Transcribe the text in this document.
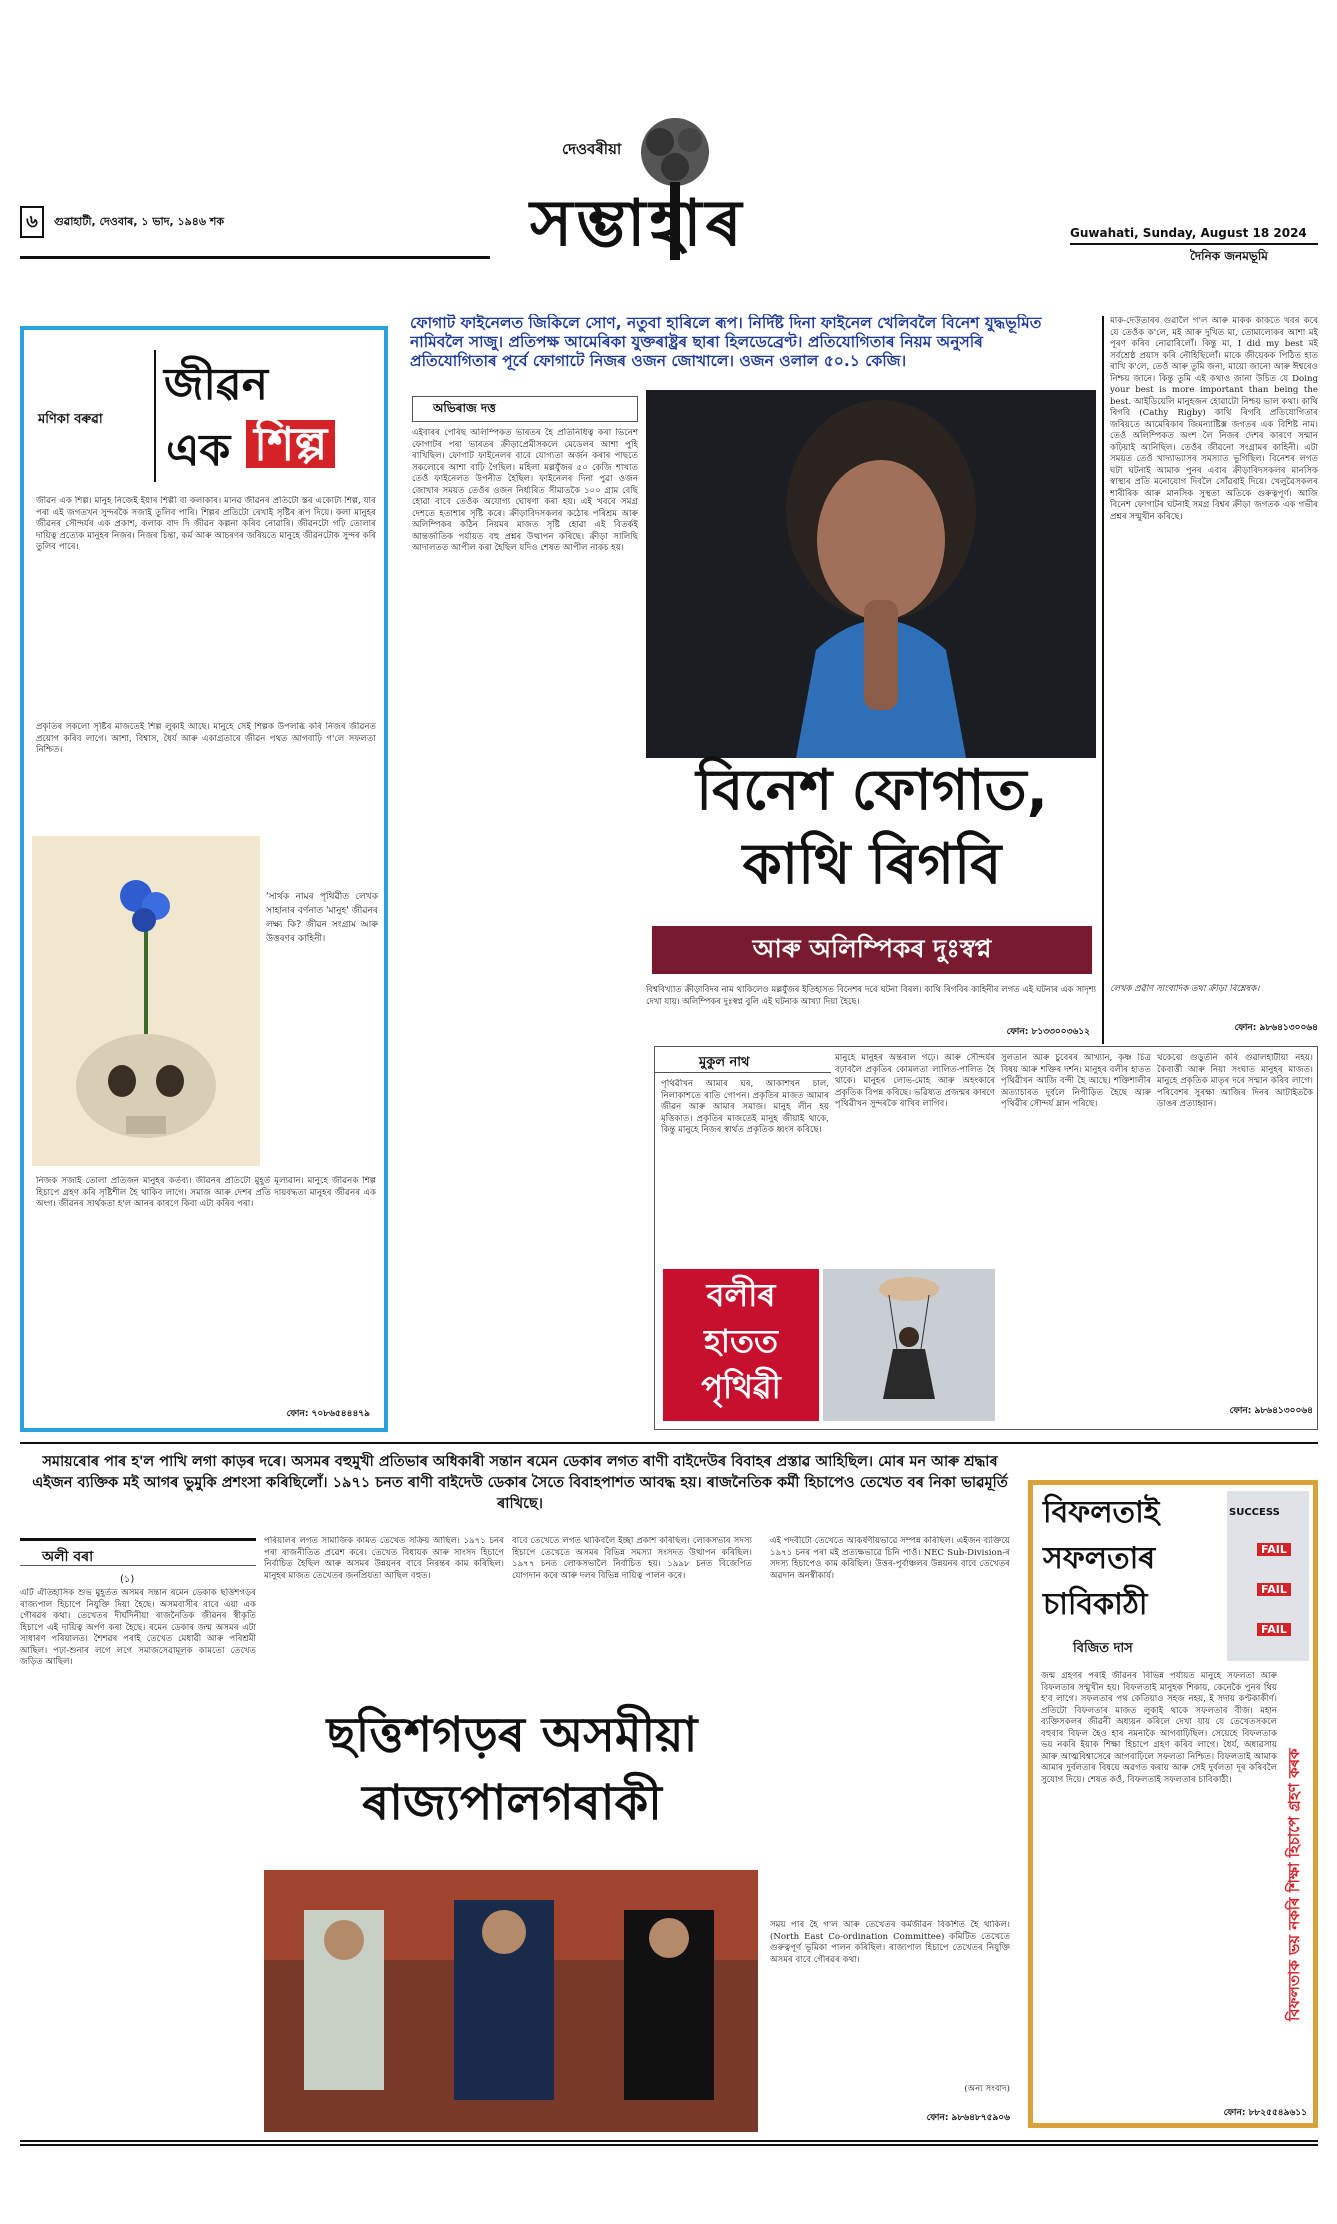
৬	গুৱাহাটী, দেওবাৰ, ১ ভাদ, ১৯৪৬ শক
দেওবৰীয়া
সম্ভাহাৰ	Guwahati, Sunday, August 18 2024
দৈনিক জনমভূমি
জীৱন
এক শিল্প
মণিকা বৰুৱা
জীৱন এক শিল্প। মানুহ নিজেই ইয়াৰ শিল্পী বা কলাকাৰ। মানৱ জীৱনৰ প্ৰতিটো স্তৰ একোটা শিল্প, যাৰ পৰা এই জগতখন সুন্দৰকৈ সজাই তুলিব পাৰি। শিল্পৰ প্ৰতিটো ৰেখাই সৃষ্টিৰ ৰূপ দিয়ে। কলা মানুহৰ জীৱনৰ সৌন্দৰ্যৰ এক প্ৰকাশ, কলাক বাদ দি জীৱন কল্পনা কৰিব নোৱাৰি। জীৱনটো গঢ়ি তোলাৰ দায়িত্ব প্ৰত্যেক মানুহৰ নিজৰ। নিজৰ চিন্তা, কৰ্ম আৰু আচৰণৰ জৰিয়তে মানুহে জীৱনটোক সুন্দৰ কৰি তুলিব পাৰে।
প্ৰকৃতিৰ সকলো সৃষ্টিৰ মাজতেই শিল্প লুকাই আছে। মানুহে সেই শিল্পক উপলব্ধি কৰি নিজৰ জীৱনত প্ৰয়োগ কৰিব লাগে। আশা, বিশ্বাস, ধৈৰ্য আৰু একাগ্ৰতাৰে জীৱন পথত আগবাঢ়ি গ'লে সফলতা নিশ্চিত।
'সাৰ্থক নামৰ পৃথিৱীত লেখক সাহানাৰ বৰ্ণনাত 'মানুহ' জীৱনৰ লক্ষ্য কি? জীৱন সংগ্ৰাম আৰু উত্তৰণৰ কাহিনী।
নিজক সজাই তোলা প্ৰতিজন মানুহৰ কৰ্তব্য। জীৱনৰ প্ৰতিটো মুহূৰ্ত মূল্যৱান। মানুহে জীৱনক শিল্প হিচাপে গ্ৰহণ কৰি সৃষ্টিশীল হৈ থাকিব লাগে। সমাজ আৰু দেশৰ প্ৰতি দায়বদ্ধতা মানুহৰ জীৱনৰ এক অংগ। জীৱনৰ সাৰ্থকতা হ'ল আনৰ কাৰণে কিবা এটা কৰিব পৰা।
ফোন: ৭০৮৬৫৪৪৪৭৯
ফোগাট ফাইনেলত জিকিলে সোণ, নতুবা হাৰিলে ৰূপ। নিৰ্দিষ্ট দিনা ফাইনেল খেলিবলৈ বিনেশ যুদ্ধভূমিত নামিবলৈ সাজু। প্ৰতিপক্ষ আমেৰিকা যুক্তৰাষ্ট্ৰৰ ছাৰা হিলডেব্ৰেণ্ট। প্ৰতিযোগিতাৰ নিয়ম অনুসৰি প্ৰতিযোগিতাৰ পূৰ্বে ফোগাটে নিজৰ ওজন জোখালে। ওজন ওলাল ৫০.১ কেজি।
অভিৰাজ দত্ত
এইবাৰৰ পেৰিছ অলিম্পিকত ভাৰতৰ হৈ প্ৰতিনিধিত্ব কৰা ভিনেশ ফোগাটৰ পৰা ভাৰতৰ ক্ৰীড়াপ্ৰেমীসকলে মেডেলৰ আশা পুহি ৰাখিছিল। ফোগাট ফাইনেলৰ বাবে যোগ্যতা অৰ্জন কৰাৰ পাছতে সকলোৰে আশা বাঢ়ি গৈছিল। মহিলা মল্লযুঁজৰ ৫০ কেজি শাখাত তেওঁ ফাইনেলত উপনীত হৈছিল। ফাইনেলৰ দিনা পুৱা ওজন জোখাৰ সময়ত তেওঁৰ ওজন নিৰ্ধাৰিত সীমাতকৈ ১০০ গ্ৰাম বেছি হোৱা বাবে তেওঁক অযোগ্য ঘোষণা কৰা হয়। এই খবৰে সমগ্ৰ দেশতে হতাশাৰ সৃষ্টি কৰে। ক্ৰীড়াবিদসকলৰ কঠোৰ পৰিশ্ৰম আৰু অলিম্পিকৰ কঠিন নিয়মৰ মাজত সৃষ্টি হোৱা এই বিতৰ্কই আন্তৰ্জাতিক পৰ্যায়ত বহু প্ৰশ্নৰ উত্থাপন কৰিছে। ক্ৰীড়া সালিছি আদালতত আপীল কৰা হৈছিল যদিও শেষত আপীল নাকচ হয়।
বিনেশ ফোগাত,
কাথি ৰিগবি
আৰু অলিম্পিকৰ দুঃস্বপ্ন
বিশ্ববিখ্যাত ক্ৰীড়াবিদৰ নাম থাকিলেও মল্লযুঁজৰ ইতিহাসত বিনেশৰ দৰে ঘটনা বিৰল। কাথি ৰিগবিৰ কাহিনীৰ লগত এই ঘটনাৰ এক সাদৃশ্য দেখা যায়। অলিম্পিকৰ দুঃস্বপ্ন বুলি এই ঘটনাক আখ্যা দিয়া হৈছে।
ফোন: ৮১৩৩০০৩৬১২
মাক-দেউতাৰৰ গুৱালৈ গ'ল আৰু মাকক কাকতে খবৰ কৰে যে তেওঁক ক'লে, মই আৰু দুখিত মা, তোমালোকৰ আশা মই পূৰণ কৰিব নোৱাৰিলোঁ। কিন্তু মা, I did my best মই সৰ্বশ্ৰেষ্ঠ প্ৰয়াস কৰি নৌহিছিলোঁ। মাকে জীয়েকক পিঠিত হাত ৰাখি ক'লে, তেওঁ আৰু তুমি জনা, মায়ো জানো আৰু ঈশ্বৰেও নিশ্চয় জানে। কিন্তু তুমি এই কথাও জানা উচিত যে Doing your best is more important than being the best. আইডিয়েলি মানুহজন হোৱাটো নিশ্চয় ভাল কথা। কাথি ৰিগবি (Cathy Rigby) কাথি ৰিগবি প্ৰতিযোগিতাৰ জৰিয়তে আমেৰিকাৰ জিমন্যাষ্টিক্স জগতৰ এক বিশিষ্ট নাম। তেওঁ অলিম্পিকত অংশ লৈ নিজৰ দেশৰ কাৰণে সন্মান কঢ়িয়াই আনিছিল। তেওঁৰ জীৱনো সংগ্ৰামৰ কাহিনী। এটা সময়ত তেওঁ খাদ্যাভ্যাসৰ সমস্যাত ভুগিছিল। বিনেশৰ লগত ঘটা ঘটনাই আমাক পুনৰ এবাৰ ক্ৰীড়াবিদসকলৰ মানসিক স্বাস্থ্যৰ প্ৰতি মনোযোগ দিবলৈ সোঁৱৰাই দিয়ে। খেলুৱৈসকলৰ শাৰীৰিক আৰু মানসিক সুস্থতা অতিকে গুৰুত্বপূৰ্ণ। আজি বিনেশ ফোগাটৰ ঘটনাই সমগ্ৰ বিশ্বৰ ক্ৰীড়া জগতক এক গভীৰ প্ৰশ্নৰ সন্মুখীন কৰিছে।
লেখক প্ৰৱীণ সাংবাদিক তথা ক্ৰীড়া বিশ্লেষক।
ফোন: ৯৮৬৪১৩০০৬৪
মুকুল নাথ
পৃথিৱীখন আমাৰ ঘৰ, আকাশখন চাল, নিলাকাশতে ৰাতি গোপন। প্ৰকৃতিৰ মাজত আমাৰ জীৱন আৰু আমাৰ সমাজ। মানুহ লীন হয় মৃত্তিকাত। প্ৰকৃতিৰ মাজতেই মানুহ জীয়াই থাকে, কিন্তু মানুহে নিজৰ স্বাৰ্থত প্ৰকৃতিক ধ্বংস কৰিছে।
মানুহে মানুহৰ অন্তৰাল গঢ়ে। আৰু সৌন্দৰ্যৰ বঢ়াবলৈ প্ৰকৃতিৰ কোমলতা লালিত-পালিত হৈ থাকে। মানুহৰ লোভ-মোহ আৰু অহংকাৰে প্ৰকৃতিক বিপন্ন কৰিছে। ভৱিষ্যত প্ৰজন্মৰ কাৰণে পৃথিৱীখন সুন্দৰকৈ ৰাখিব লাগিব।
সুলতান আৰু চুবেৰৰ আখ্যান, কৃষ্ণ চিত্ৰ বিষয় আৰু শক্তিৰ দৰ্শন। মানুহৰ বলীৰ হাতত পৃথিৱীখন আজি বন্দী হৈ আছে। শক্তিশালীৰ অত্যাচাৰত দুৰ্বলে নিপীড়িত হৈছে আৰু পৃথিৱীৰ সৌন্দৰ্য ম্লান পৰিছে।
থকেৰো গুড়ুৰ্তনি কৰি গুৱালহাটীয়া নহয়। কৈবাৰ্ত্তী আৰু নিয়া সংঘাত মানুহৰ মাজত। মানুহে প্ৰকৃতিক মাতৃৰ দৰে সন্মান কৰিব লাগে। পৰিবেশৰ সুৰক্ষা আজিৰ দিনৰ আটাইতকৈ ডাঙৰ প্ৰত্যাহ্বান।
বলীৰ
হাতত
পৃথিৱী
ফোন: ৯৮৬৪১৩০০৬৪
সমায়ৰোৰ পাৰ হ'ল পাখি লগা কাড়ৰ দৰে। অসমৰ বহুমুখী প্ৰতিভাৰ অধিকাৰী সন্তান ৰমেন ডেকাৰ লগত ৰাণী বাইদেউৰ বিবাহৰ প্ৰস্তাৱ আহিছিল। মোৰ মন আৰু শ্ৰদ্ধাৰ এইজন ব্যক্তিক মই আগৰ ভুমুকি প্ৰশংসা কৰিছিলোঁ। ১৯৭১ চনত ৰাণী বাইদেউ ডেকাৰ সৈতে বিবাহপাশত আবদ্ধ হয়। ৰাজনৈতিক কৰ্মী হিচাপেও তেখেত বৰ নিকা ভাৱমূৰ্তি ৰাখিছে।
অলী বৰা
(১)
এটি ঐতিহাসিক শুভ মুহূৰ্তত অসমৰ সন্তান ৰমেন ডেকাক ছত্তিশগড়ৰ ৰাজ্যপাল হিচাপে নিযুক্তি দিয়া হৈছে। অসমবাসীৰ বাবে এয়া এক গৌৰৱৰ কথা। তেখেতৰ দীৰ্ঘদিনীয়া ৰাজনৈতিক জীৱনৰ স্বীকৃতি হিচাপে এই দায়িত্ব অৰ্পণ কৰা হৈছে। ৰমেন ডেকাৰ জন্ম অসমৰ এটা সাধাৰণ পৰিয়ালত। শৈশৱৰ পৰাই তেখেত মেধাৱী আৰু পৰিশ্ৰমী আছিল। পঢ়া-শুনাৰ লগে লগে সমাজসেৱামূলক কামতো তেখেত জড়িত আছিল।
পৰিয়ালৰ লগত সামাজিক কামত তেখেত সক্ৰিয় আছিল। ১৯৭১ চনৰ পৰা ৰাজনীতিত প্ৰৱেশ কৰে। তেখেত বিধায়ক আৰু সাংসদ হিচাপে নিৰ্বাচিত হৈছিল আৰু অসমৰ উন্নয়নৰ বাবে নিৰন্তৰ কাম কৰিছিল। মানুহৰ মাজত তেখেতৰ জনপ্ৰিয়তা আছিল বহুত।
বাবে তেখেতে লগত থাকিবলৈ ইচ্ছা প্ৰকাশ কৰিছিল। লোকসভাৰ সদস্য হিচাপে তেখেতে অসমৰ বিভিন্ন সমস্যা সংসদত উত্থাপন কৰিছিল। ১৯৭৭ চনত লোকসভালৈ নিৰ্বাচিত হয়। ১৯৯৮ চনত বিজেপিত যোগদান কৰে আৰু দলৰ বিভিন্ন দায়িত্ব পালন কৰে।
এই পদবীটো তেখেতে আকৰ্ষণীয়ভাৱে সম্পন্ন কৰিছিল। এইজন ব্যক্তিয়ে ১৯৭১ চনৰ পৰা মই প্ৰত্যক্ষভাৱে চিনি পাওঁ। NEC Sub-Division-ৰ সদস্য হিচাপেও কাম কৰিছিল। উত্তৰ-পূৰ্বাঞ্চলৰ উন্নয়নৰ বাবে তেখেতৰ অৱদান অনস্বীকাৰ্য।
ছত্তিশগড়ৰ অসমীয়া
ৰাজ্যপালগৰাকী
সময় পাৰ হৈ গ'ল আৰু তেখেতৰ কৰ্মজীৱন বিকশিত হৈ থাকিল। (North East Co-ordination Committee) কমিটিত তেখেতে গুৰুত্বপূৰ্ণ ভূমিকা পালন কৰিছিল। ৰাজ্যপাল হিচাপে তেখেতৰ নিযুক্তি অসমৰ বাবে গৌৰৱৰ কথা।
(অন্য সংবাদ)
ফোন: ৯৮৬৪৮৭৫৯০৬
বিফলতাই
সফলতাৰ
চাবিকাঠী
বিজিত দাস
SUCCESS
FAIL
FAIL
FAIL
জন্ম গ্ৰহণৰ পৰাই জীৱনৰ বিভিন্ন পৰ্যায়ত মানুহে সফলতা আৰু বিফলতাৰ সন্মুখীন হয়। বিফলতাই মানুহক শিকায়, কেনেকৈ পুনৰ থিয় হ'ব লাগে। সফলতাৰ পথ কেতিয়াও সহজ নহয়, ই সদায় কণ্টকাকীৰ্ণ। প্ৰতিটো বিফলতাৰ মাজত লুকাই থাকে সফলতাৰ বীজ। মহান ব্যক্তিসকলৰ জীৱনী অধ্যয়ন কৰিলে দেখা যায় যে তেখেতসকলে বহুবাৰ বিফল হৈও হাৰ নমনাকৈ আগবাঢ়িছিল। সেয়েহে বিফলতাক ভয় নকৰি ইয়াক শিক্ষা হিচাপে গ্ৰহণ কৰিব লাগে। ধৈৰ্য, অধ্যৱসায় আৰু আত্মবিশ্বাসেৰে আগবাঢ়িলে সফলতা নিশ্চিত। বিফলতাই আমাক আমাৰ দুৰ্বলতাৰ বিষয়ে অৱগত কৰায় আৰু সেই দুৰ্বলতা দূৰ কৰিবলৈ সুযোগ দিয়ে। শেষত কওঁ, বিফলতাই সফলতাৰ চাবিকাঠী।	বিফলতাক ভয় নকৰি শিক্ষা হিচাপে গ্ৰহণ কৰক
ফোন: ৮৮২৫৫৪৯৬১১
